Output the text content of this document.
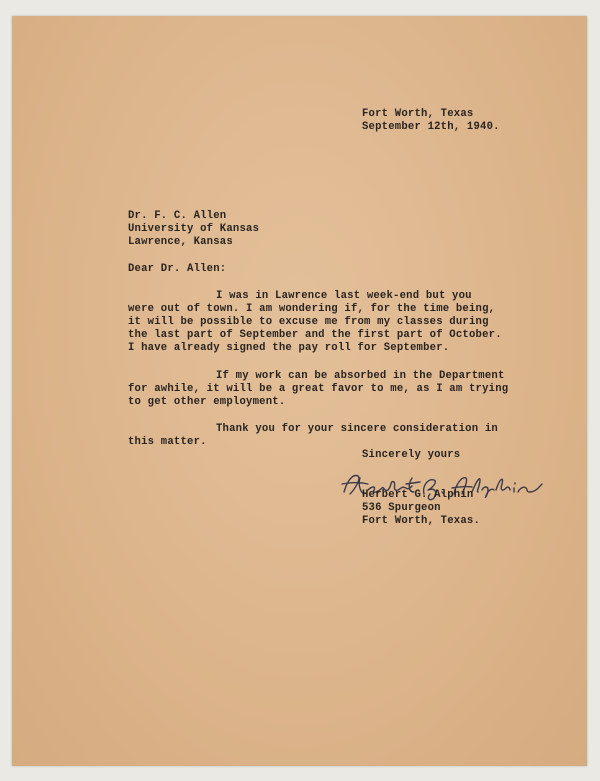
Fort Worth, Texas
September 12th, 1940.
Dr. F. C. Allen
University of Kansas
Lawrence, Kansas
Dear Dr. Allen:
I was in Lawrence last week-end but you
were out of town. I am wondering if, for the time being,
it will be possible to excuse me from my classes during
the last part of September and the first part of October.
I have already signed the pay roll for September.
If my work can be absorbed in the Department
for awhile, it will be a great favor to me, as I am trying
to get other employment.
Thank you for your sincere consideration in
this matter.
Sincerely yours
Herbert G. Alphin
536 Spurgeon
Fort Worth, Texas.
